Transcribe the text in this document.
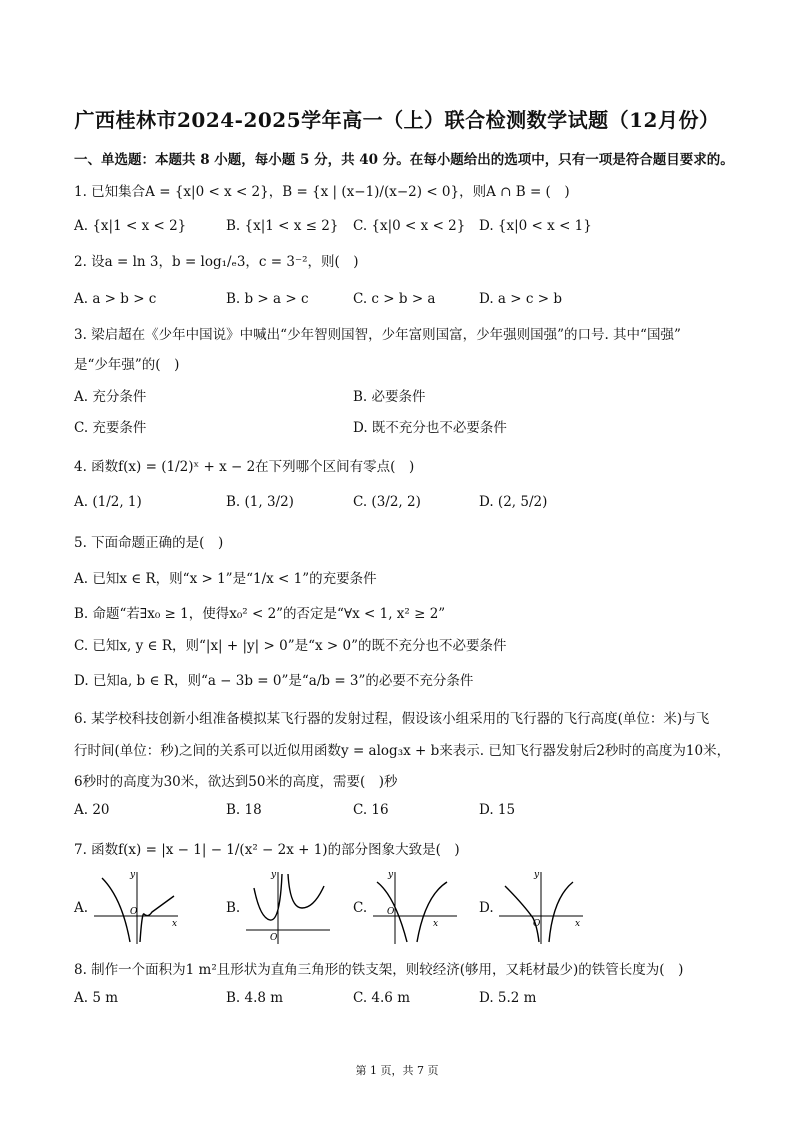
广西桂林市2024-2025学年高一（上）联合检测数学试题（12月份）
一、单选题：本题共 8 小题，每小题 5 分，共 40 分。在每小题给出的选项中，只有一项是符合题目要求的。
1. 已知集合A = {x|0 < x < 2}，B = {x | (x−1)/(x−2) < 0}，则A ∩ B = (　)
A. {x|1 < x < 2}	B. {x|1 < x ≤ 2} C. {x|0 < x < 2} D. {x|0 < x < 1}
2. 设a = ln 3，b = log₁/ₑ3，c = 3⁻²，则(　)
A. a > b > c	B. b > a > c	C. c > b > a	D. a > c > b
3. 梁启超在《少年中国说》中喊出“少年智则国智，少年富则国富，少年强则国强”的口号. 其中“国强”
是“少年强”的(　)
A. 充分条件	B. 必要条件
C. 充要条件	D. 既不充分也不必要条件
4. 函数f(x) = (1/2)ˣ + x − 2在下列哪个区间有零点(　)
A. (1/2, 1)	B. (1, 3/2)	C. (3/2, 2)	D. (2, 5/2)
5. 下面命题正确的是(　)
A. 已知x ∈ R，则“x > 1”是“1/x < 1”的充要条件
B. 命题“若∃x₀ ≥ 1，使得x₀² < 2”的否定是“∀x < 1, x² ≥ 2”
C. 已知x, y ∈ R，则“|x| + |y| > 0”是“x > 0”的既不充分也不必要条件
D. 已知a, b ∈ R，则“a − 3b = 0”是“a/b = 3”的必要不充分条件
6. 某学校科技创新小组准备模拟某飞行器的发射过程，假设该小组采用的飞行器的飞行高度(单位：米)与飞
行时间(单位：秒)之间的关系可以近似用函数y = alog₃x + b来表示. 已知飞行器发射后2秒时的高度为10米，
6秒时的高度为30米，欲达到50米的高度，需要(　)秒
A. 20	B. 18	C. 16	D. 15
7. 函数f(x) = |x − 1| − 1/(x² − 2x + 1)的部分图象大致是(　)
A.
y
O
x
B.
y
O
C.
y
O
x
D.
y
O	x
8. 制作一个面积为1 m²且形状为直角三角形的铁支架，则较经济(够用，又耗材最少)的铁管长度为(　)
A. 5 m	B. 4.8 m	C. 4.6 m	D. 5.2 m
第 1 页，共 7 页
